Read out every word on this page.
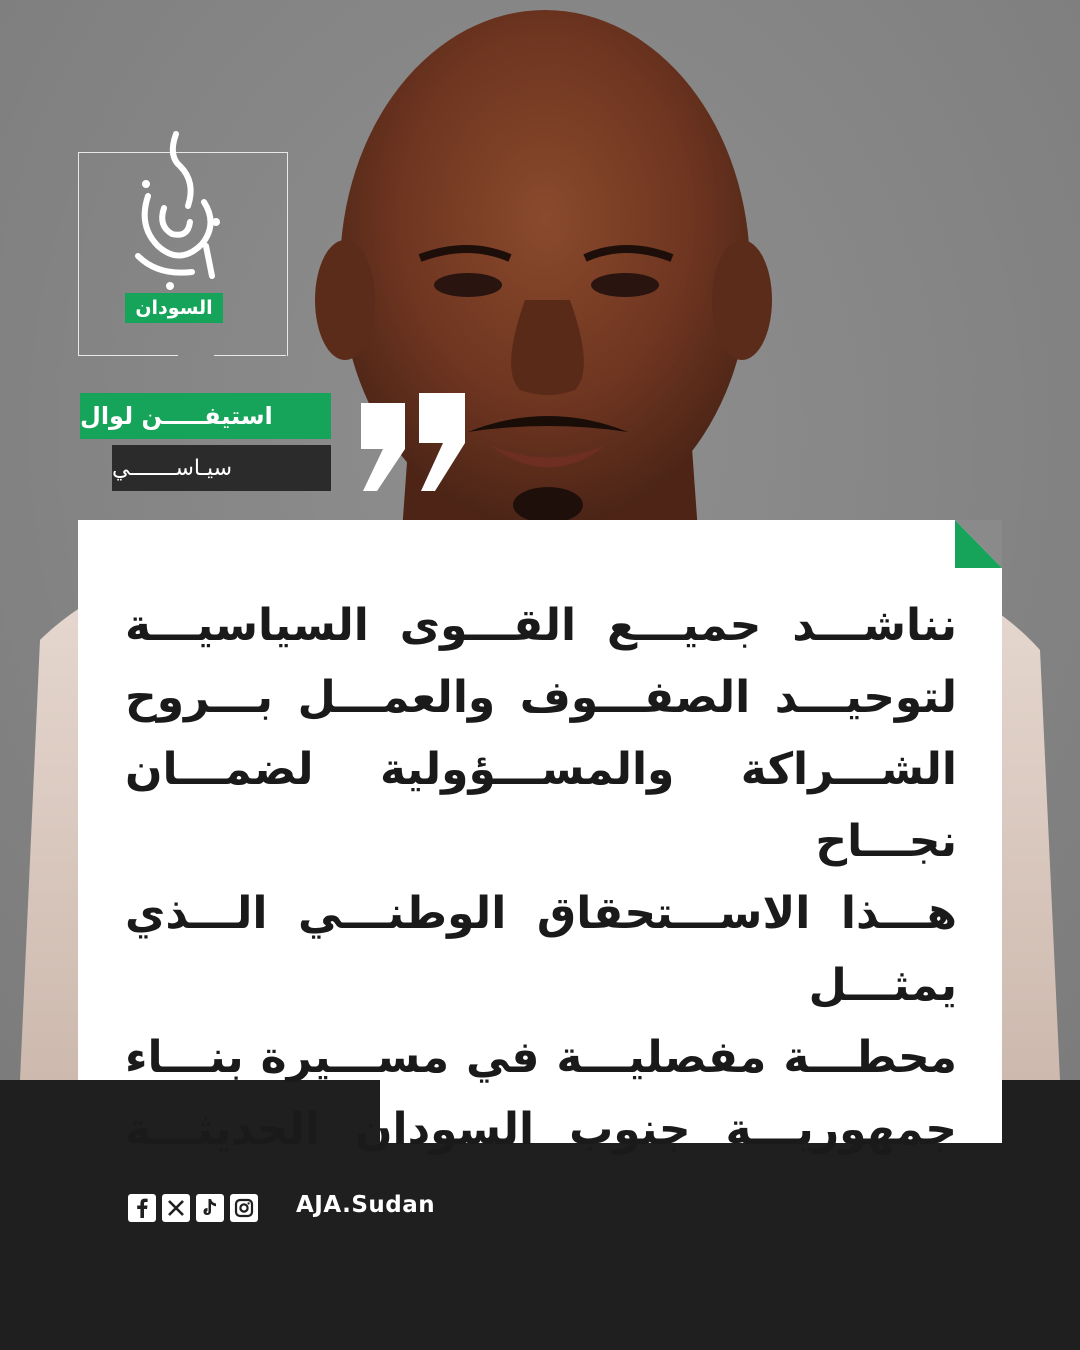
السودان
استيفـــــن لوال
سيـاســـــــي
نناشـــد جميـــع القـــوى السياسيـــة
لتوحيـــد الصفـــوف والعمـــل بـــروح
الشـــراكة والمســـؤولية لضمـــان نجـــاح
هـــذا الاســـتحقاق الوطنـــي الـــذي يمثـــل
محطـــة مفصليـــة في مســـيرة بنـــاء
جمهوريـــة جنوب السودان الحديثـــة
AJA.Sudan
